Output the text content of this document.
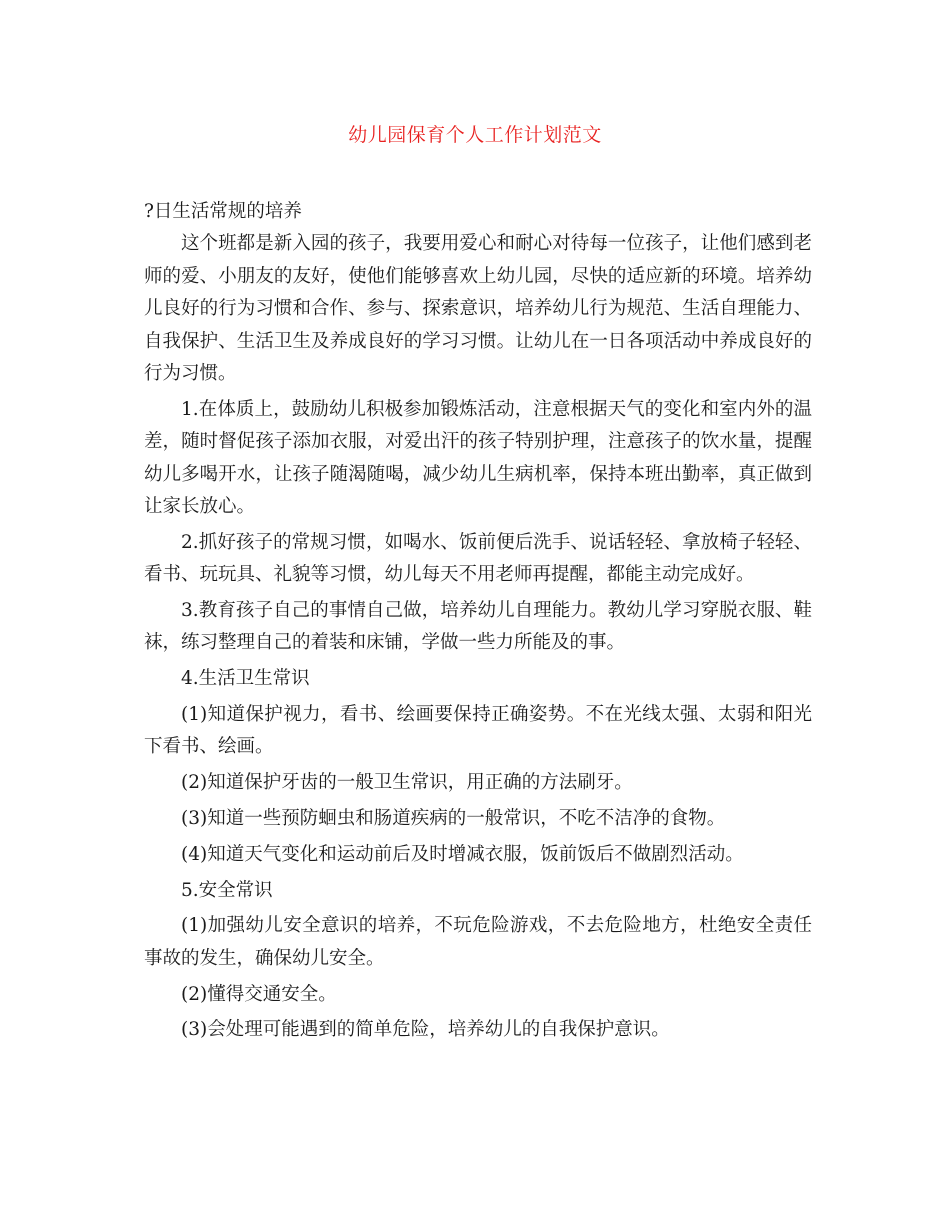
幼儿园保育个人工作计划范文

?日生活常规的培养

这个班都是新入园的孩子，我要用爱心和耐心对待每一位孩子，让他们感到老师的爱、小朋友的友好，使他们能够喜欢上幼儿园，尽快的适应新的环境。培养幼儿良好的行为习惯和合作、参与、探索意识，培养幼儿行为规范、生活自理能力、自我保护、生活卫生及养成良好的学习习惯。让幼儿在一日各项活动中养成良好的行为习惯。

1.在体质上，鼓励幼儿积极参加锻炼活动，注意根据天气的变化和室内外的温差，随时督促孩子添加衣服，对爱出汗的孩子特别护理，注意孩子的饮水量，提醒幼儿多喝开水，让孩子随渴随喝，减少幼儿生病机率，保持本班出勤率，真正做到让家长放心。

2.抓好孩子的常规习惯，如喝水、饭前便后洗手、说话轻轻、拿放椅子轻轻、看书、玩玩具、礼貌等习惯，幼儿每天不用老师再提醒，都能主动完成好。

3.教育孩子自己的事情自己做，培养幼儿自理能力。教幼儿学习穿脱衣服、鞋袜，练习整理自己的着装和床铺，学做一些力所能及的事。

4.生活卫生常识

(1)知道保护视力，看书、绘画要保持正确姿势。不在光线太强、太弱和阳光下看书、绘画。

(2)知道保护牙齿的一般卫生常识，用正确的方法刷牙。

(3)知道一些预防蛔虫和肠道疾病的一般常识，不吃不洁净的食物。

(4)知道天气变化和运动前后及时增减衣服，饭前饭后不做剧烈活动。

5.安全常识

(1)加强幼儿安全意识的培养，不玩危险游戏，不去危险地方，杜绝安全责任事故的发生，确保幼儿安全。

(2)懂得交通安全。

(3)会处理可能遇到的简单危险，培养幼儿的自我保护意识。
